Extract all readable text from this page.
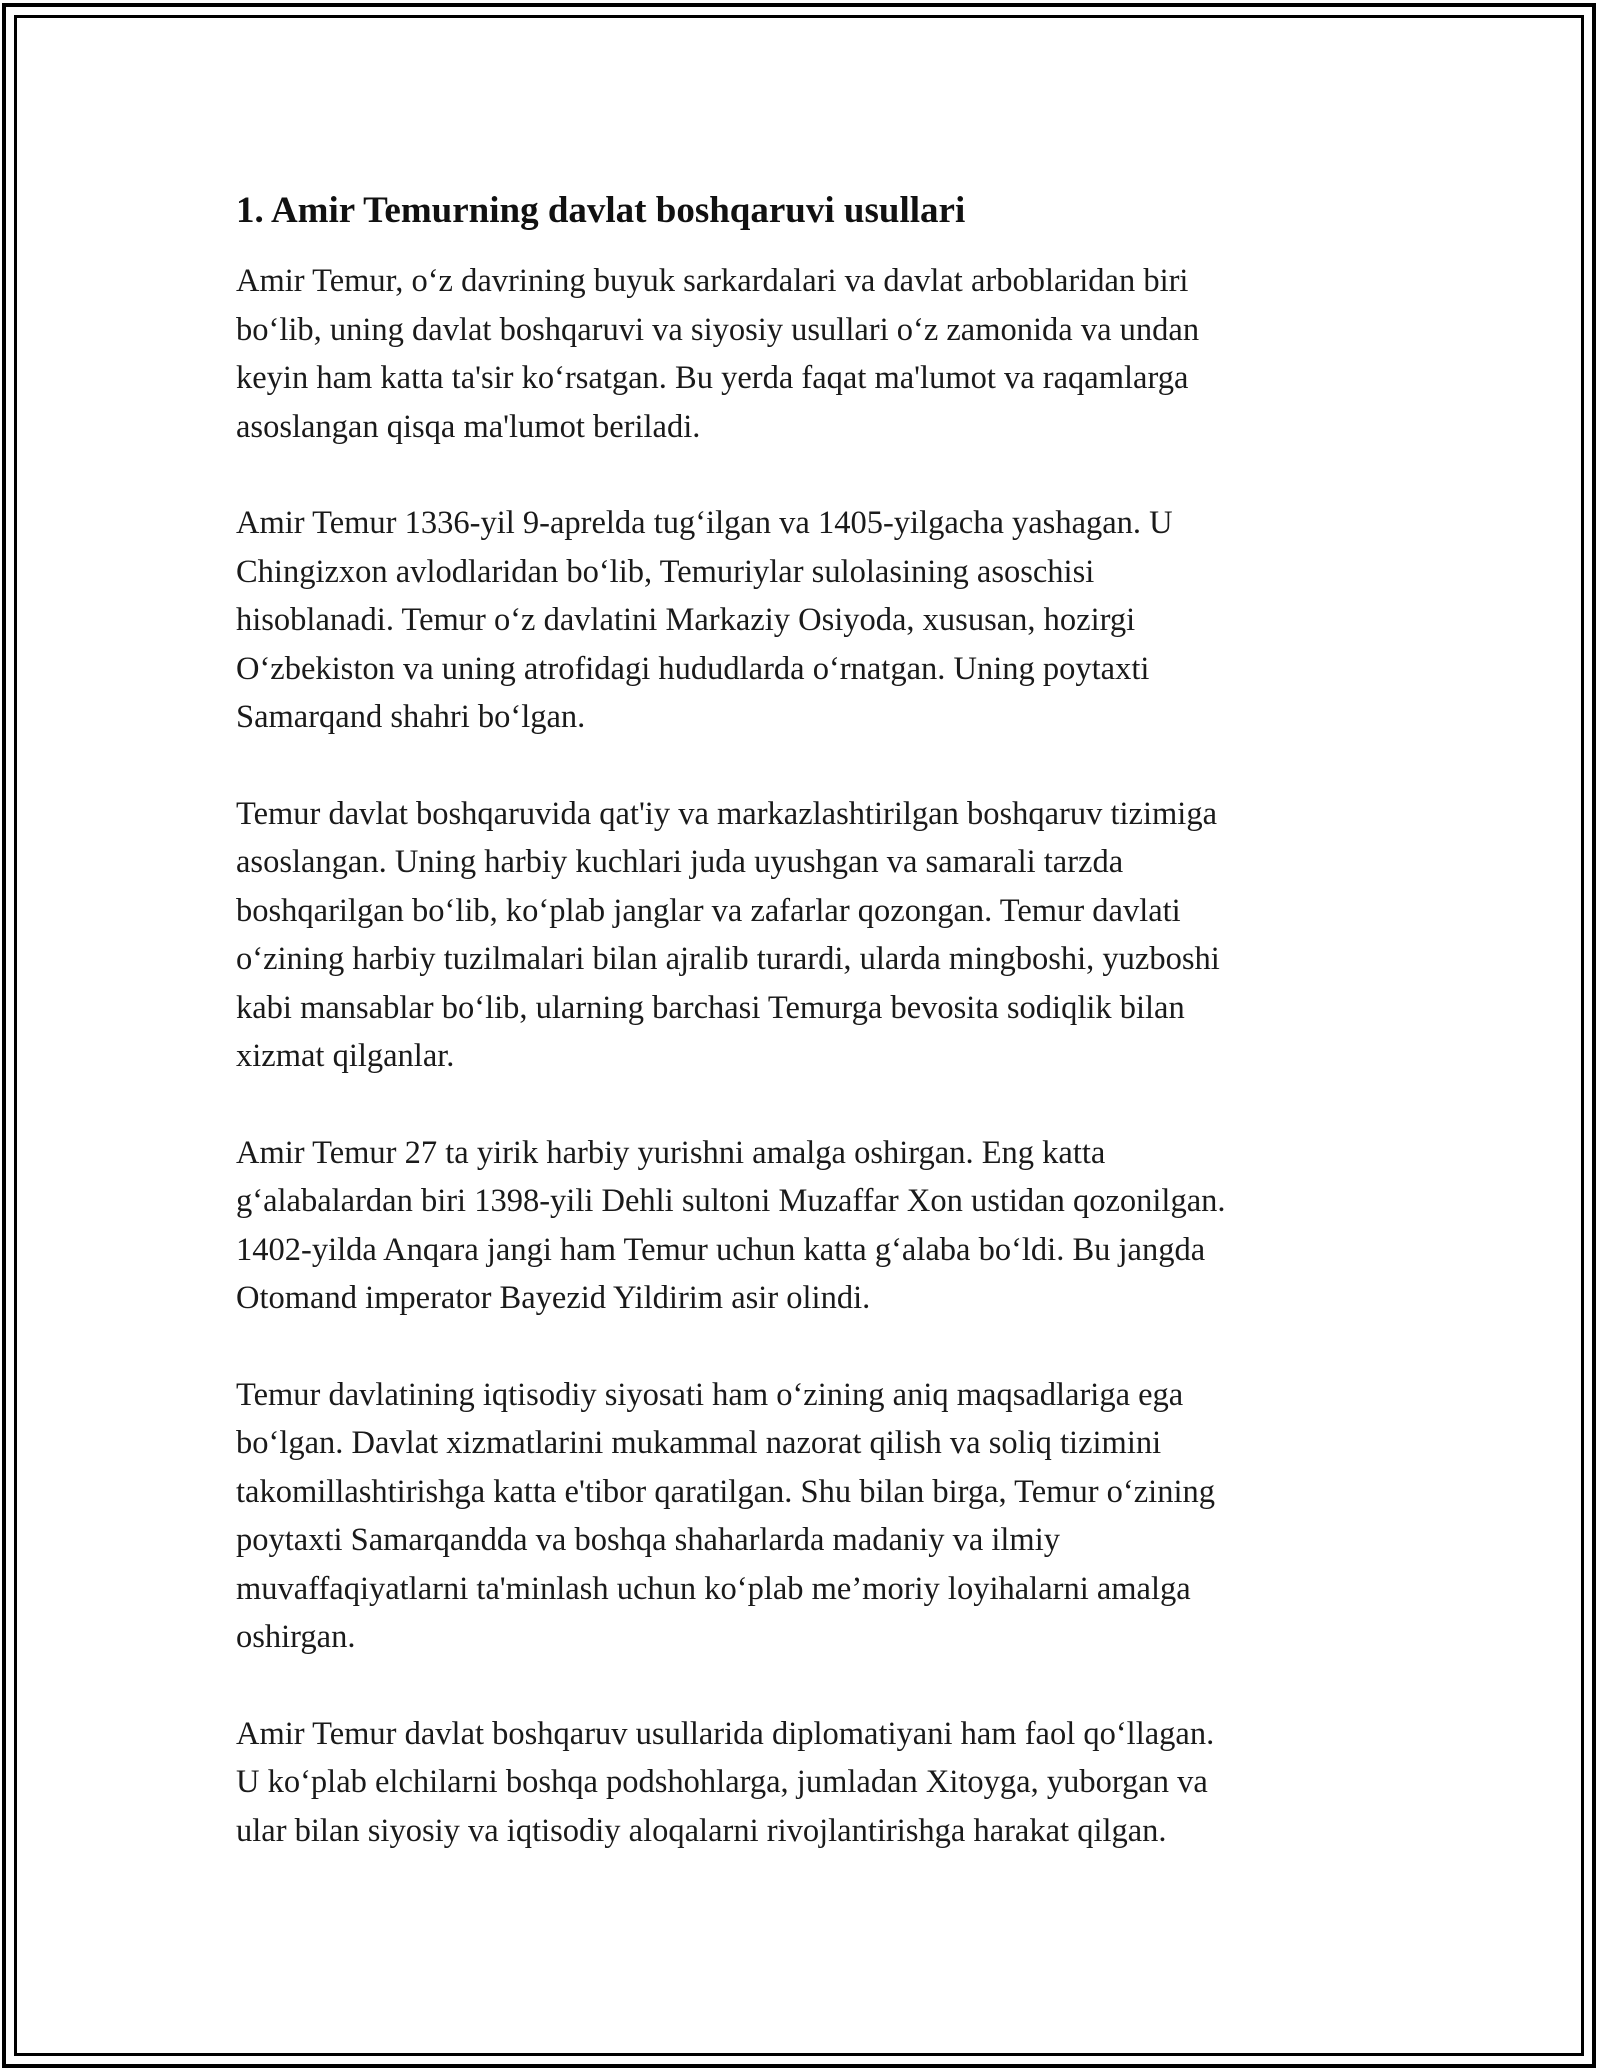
1. Amir Temurning davlat boshqaruvi usullari
Amir Temur, o‘z davrining buyuk sarkardalari va davlat arboblaridan biri
bo‘lib, uning davlat boshqaruvi va siyosiy usullari o‘z zamonida va undan
keyin ham katta ta'sir ko‘rsatgan. Bu yerda faqat ma'lumot va raqamlarga
asoslangan qisqa ma'lumot beriladi.
Amir Temur 1336-yil 9-aprelda tug‘ilgan va 1405-yilgacha yashagan. U
Chingizxon avlodlaridan bo‘lib, Temuriylar sulolasining asoschisi
hisoblanadi. Temur o‘z davlatini Markaziy Osiyoda, xususan, hozirgi
O‘zbekiston va uning atrofidagi hududlarda o‘rnatgan. Uning poytaxti
Samarqand shahri bo‘lgan.
Temur davlat boshqaruvida qat'iy va markazlashtirilgan boshqaruv tizimiga
asoslangan. Uning harbiy kuchlari juda uyushgan va samarali tarzda
boshqarilgan bo‘lib, ko‘plab janglar va zafarlar qozongan. Temur davlati
o‘zining harbiy tuzilmalari bilan ajralib turardi, ularda mingboshi, yuzboshi
kabi mansablar bo‘lib, ularning barchasi Temurga bevosita sodiqlik bilan
xizmat qilganlar.
Amir Temur 27 ta yirik harbiy yurishni amalga oshirgan. Eng katta
g‘alabalardan biri 1398-yili Dehli sultoni Muzaffar Xon ustidan qozonilgan.
1402-yilda Anqara jangi ham Temur uchun katta g‘alaba bo‘ldi. Bu jangda
Otomand imperator Bayezid Yildirim asir olindi.
Temur davlatining iqtisodiy siyosati ham o‘zining aniq maqsadlariga ega
bo‘lgan. Davlat xizmatlarini mukammal nazorat qilish va soliq tizimini
takomillashtirishga katta e'tibor qaratilgan. Shu bilan birga, Temur o‘zining
poytaxti Samarqandda va boshqa shaharlarda madaniy va ilmiy
muvaffaqiyatlarni ta'minlash uchun ko‘plab me’moriy loyihalarni amalga
oshirgan.
Amir Temur davlat boshqaruv usullarida diplomatiyani ham faol qo‘llagan.
U ko‘plab elchilarni boshqa podshohlarga, jumladan Xitoyga, yuborgan va
ular bilan siyosiy va iqtisodiy aloqalarni rivojlantirishga harakat qilgan.
